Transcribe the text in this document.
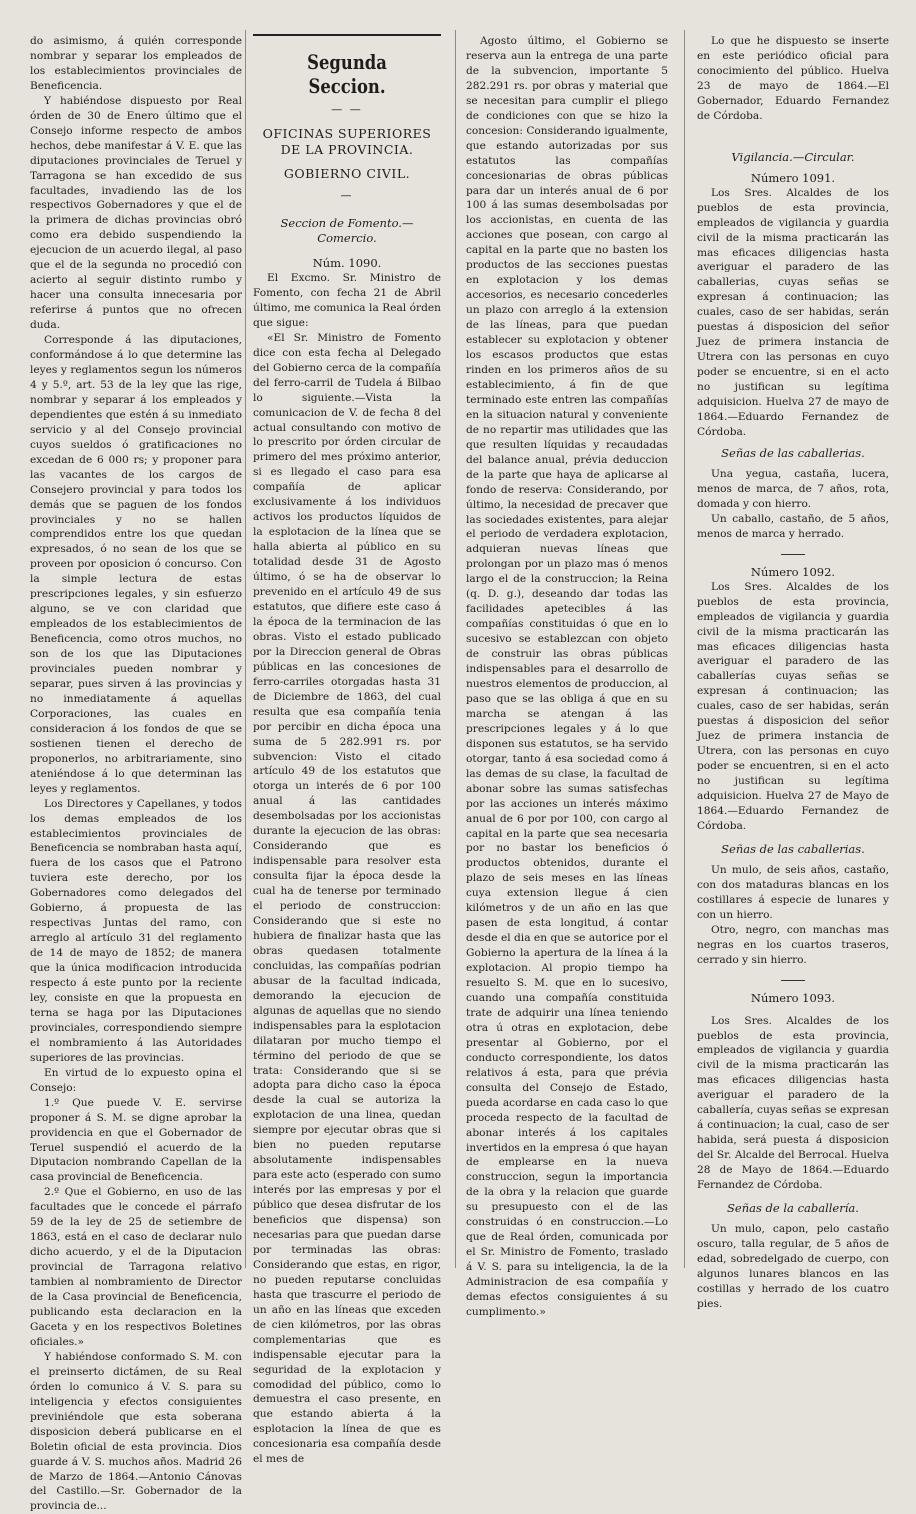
do asimismo, á quién corresponde nombrar y separar los empleados de los establecimientos provinciales de Beneficencia.

Y habiéndose dispuesto por Real órden de 30 de Enero último que el Consejo informe respecto de ambos hechos, debe manifestar á V. E. que las diputaciones provinciales de Teruel y Tarragona se han excedido de sus facultades, invadiendo las de los respectivos Gobernadores y que el de la primera de dichas provincias obró como era debido suspendiendo la ejecucion de un acuerdo ilegal, al paso que el de la segunda no procedió con acierto al seguir distinto rumbo y hacer una consulta innecesaria por referirse á puntos que no ofrecen duda.

Corresponde á las diputaciones, conformándose á lo que determine las leyes y reglamentos segun los números 4 y 5.º, art. 53 de la ley que las rige, nombrar y separar á los empleados y dependientes que estén á su inmediato servicio y al del Consejo provincial cuyos sueldos ó gratificaciones no excedan de 6 000 rs; y proponer para las vacantes de los cargos de Consejero provincial y para todos los demás que se paguen de los fondos provinciales y no se hallen comprendidos entre los que quedan expresados, ó no sean de los que se proveen por oposicion ó concurso. Con la simple lectura de estas prescripciones legales, y sin esfuerzo alguno, se ve con claridad que empleados de los establecimientos de Beneficencia, como otros muchos, no son de los que las Diputaciones provinciales pueden nombrar y separar, pues sirven á las provincias y no inmediatamente á aquellas Corporaciones, las cuales en consideracion á los fondos de que se sostienen tienen el derecho de proponerlos, no arbitrariamente, sino ateniéndose á lo que determinan las leyes y reglamentos.

Los Directores y Capellanes, y todos los demas empleados de los establecimientos provinciales de Beneficencia se nombraban hasta aquí, fuera de los casos que el Patrono tuviera este derecho, por los Gobernadores como delegados del Gobierno, á propuesta de las respectivas Juntas del ramo, con arreglo al artículo 31 del reglamento de 14 de mayo de 1852; de manera que la única modificacion introducida respecto á este punto por la reciente ley, consiste en que la propuesta en terna se haga por las Diputaciones provinciales, correspondiendo siempre el nombramiento á las Autoridades superiores de las provincias.

En virtud de lo expuesto opina el Consejo:

1.º Que puede V. E. servirse proponer á S. M. se digne aprobar la providencia en que el Gobernador de Teruel suspendió el acuerdo de la Diputacion nombrando Capellan de la casa provincial de Beneficencia.

2.º Que el Gobierno, en uso de las facultades que le concede el párrafo 59 de la ley de 25 de setiembre de 1863, está en el caso de declarar nulo dicho acuerdo, y el de la Diputacion provincial de Tarragona relativo tambien al nombramiento de Director de la Casa provincial de Beneficencia, publicando esta declaracion en la Gaceta y en los respectivos Boletines oficiales.»

Y habiéndose conformado S. M. con el preinserto dictámen, de su Real órden lo comunico á V. S. para su inteligencia y efectos consiguientes previniéndole que esta soberana disposicion deberá publicarse en el Boletin oficial de esta provincia. Dios guarde á V. S. muchos años. Madrid 26 de Marzo de 1864.—Antonio Cánovas del Castillo.—Sr. Gobernador de la provincia de...

Segunda Seccion.
— —
OFICINAS SUPERIORES DE LA PROVINCIA.
GOBIERNO CIVIL.
—
Seccion de Fomento.—Comercio.

Núm. 1090.

El Excmo. Sr. Ministro de Fomento, con fecha 21 de Abril último, me comunica la Real órden que sigue:

«El Sr. Ministro de Fomento dice con esta fecha al Delegado del Gobierno cerca de la compañía del ferro-carril de Tudela á Bilbao lo siguiente.—Vista la comunicacion de V. de fecha 8 del actual consultando con motivo de lo prescrito por órden circular de primero del mes próximo anterior, si es llegado el caso para esa compañía de aplicar exclusivamente á los individuos activos los productos líquidos de la esplotacion de la línea que se halla abierta al público en su totalidad desde 31 de Agosto último, ó se ha de observar lo prevenido en el artículo 49 de sus estatutos, que difiere este caso á la época de la terminacion de las obras. Visto el estado publicado por la Direccion general de Obras públicas en las concesiones de ferro-carriles otorgadas hasta 31 de Diciembre de 1863, del cual resulta que esa compañía tenia por percibir en dicha época una suma de 5 282.991 rs. por subvencion: Visto el citado artículo 49 de los estatutos que otorga un interés de 6 por 100 anual á las cantidades desembolsadas por los accionistas durante la ejecucion de las obras: Considerando que es indispensable para resolver esta consulta fijar la época desde la cual ha de tenerse por terminado el periodo de construccion: Considerando que si este no hubiera de finalizar hasta que las obras quedasen totalmente concluidas, las compañías podrian abusar de la facultad indicada, demorando la ejecucion de algunas de aquellas que no siendo indispensables para la esplotacion dilataran por mucho tiempo el término del periodo de que se trata: Considerando que si se adopta para dicho caso la época desde la cual se autoriza la explotacion de una linea, quedan siempre por ejecutar obras que si bien no pueden reputarse absolutamente indispensables para este acto (esperado con sumo interés por las empresas y por el público que desea disfrutar de los beneficios que dispensa) son necesarias para que puedan darse por terminadas las obras: Considerando que estas, en rigor, no pueden reputarse concluidas hasta que trascurre el periodo de un año en las líneas que exceden de cien kilómetros, por las obras complementarias que es indispensable ejecutar para la seguridad de la explotacion y comodidad del público, como lo demuestra el caso presente, en que estando abierta á la esplotacion la línea de que es concesionaria esa compañía desde el mes de

Agosto último, el Gobierno se reserva aun la entrega de una parte de la subvencion, importante 5 282.291 rs. por obras y material que se necesitan para cumplir el pliego de condiciones con que se hizo la concesion: Considerando igualmente, que estando autorizadas por sus estatutos las compañías concesionarias de obras públicas para dar un interés anual de 6 por 100 á las sumas desembolsadas por los accionistas, en cuenta de las acciones que posean, con cargo al capital en la parte que no basten los productos de las secciones puestas en explotacion y los demas accesorios, es necesario concederles un plazo con arreglo á la extension de las líneas, para que puedan establecer su explotacion y obtener los escasos productos que estas rinden en los primeros años de su establecimiento, á fin de que terminado este entren las compañías en la situacion natural y conveniente de no repartir mas utilidades que las que resulten líquidas y recaudadas del balance anual, prévia deduccion de la parte que haya de aplicarse al fondo de reserva: Considerando, por último, la necesidad de precaver que las sociedades existentes, para alejar el periodo de verdadera explotacion, adquieran nuevas líneas que prolongan por un plazo mas ó menos largo el de la construccion; la Reina (q. D. g.), deseando dar todas las facilidades apetecibles á las compañías constituidas ó que en lo sucesivo se establezcan con objeto de construir las obras públicas indispensables para el desarrollo de nuestros elementos de produccion, al paso que se las obliga á que en su marcha se atengan á las prescripciones legales y á lo que disponen sus estatutos, se ha servido otorgar, tanto á esa sociedad como á las demas de su clase, la facultad de abonar sobre las sumas satisfechas por las acciones un interés máximo anual de 6 por por 100, con cargo al capital en la parte que sea necesaria por no bastar los beneficios ó productos obtenidos, durante el plazo de seis meses en las líneas cuya extension llegue á cien kilómetros y de un año en las que pasen de esta longitud, á contar desde el dia en que se autorice por el Gobierno la apertura de la línea á la explotacion. Al propio tiempo ha resuelto S. M. que en lo sucesivo, cuando una compañía constituida trate de adquirir una línea teniendo otra ú otras en explotacion, debe presentar al Gobierno, por el conducto correspondiente, los datos relativos á esta, para que prévia consulta del Consejo de Estado, pueda acordarse en cada caso lo que proceda respecto de la facultad de abonar interés á los capitales invertidos en la empresa ó que hayan de emplearse en la nueva construccion, segun la importancia de la obra y la relacion que guarde su presupuesto con el de las construidas ó en construccion.—Lo que de Real órden, comunicada por el Sr. Ministro de Fomento, traslado á V. S. para su inteligencia, la de la Administracion de esa compañía y demas efectos consiguientes á su cumplimento.»

Lo que he dispuesto se inserte en este periódico oficial para conocimiento del público. Huelva 23 de mayo de 1864.—El Gobernador, Eduardo Fernandez de Córdoba.

Vigilancia.—Circular.

Número 1091.

Los Sres. Alcaldes de los pueblos de esta provincia, empleados de vigilancia y guardia civil de la misma practicarán las mas eficaces diligencias hasta averiguar el paradero de las caballerias, cuyas señas se expresan á continuacion; las cuales, caso de ser habidas, serán puestas á disposicion del señor Juez de primera instancia de Utrera con las personas en cuyo poder se encuentre, si en el acto no justifican su legítima adquisicion. Huelva 27 de mayo de 1864.—Eduardo Fernandez de Córdoba.

Señas de las caballerias.

Una yegua, castaña, lucera, menos de marca, de 7 años, rota, domada y con hierro.

Un caballo, castaño, de 5 años, menos de marca y herrado.

Número 1092.

Los Sres. Alcaldes de los pueblos de esta provincia, empleados de vigilancia y guardia civil de la misma practicarán las mas eficaces diligencias hasta averiguar el paradero de las caballerías cuyas señas se expresan á continuacion; las cuales, caso de ser habidas, serán puestas á disposicion del señor Juez de primera instancia de Utrera, con las personas en cuyo poder se encuentren, si en el acto no justifican su legítima adquisicion. Huelva 27 de Mayo de 1864.—Eduardo Fernandez de Córdoba.

Señas de las caballerias.

Un mulo, de seis años, castaño, con dos mataduras blancas en los costillares á especie de lunares y con un hierro.

Otro, negro, con manchas mas negras en los cuartos traseros, cerrado y sin hierro.

Número 1093.

Los Sres. Alcaldes de los pueblos de esta provincia, empleados de vigilancia y guardia civil de la misma practicarán las mas eficaces diligencias hasta averiguar el paradero de la caballería, cuyas señas se expresan á continuacion; la cual, caso de ser habida, será puesta á disposicion del Sr. Alcalde del Berrocal. Huelva 28 de Mayo de 1864.—Eduardo Fernandez de Córdoba.

Señas de la caballería.

Un mulo, capon, pelo castaño oscuro, talla regular, de 5 años de edad, sobredelgado de cuerpo, con algunos lunares blancos en las costillas y herrado de los cuatro pies.
